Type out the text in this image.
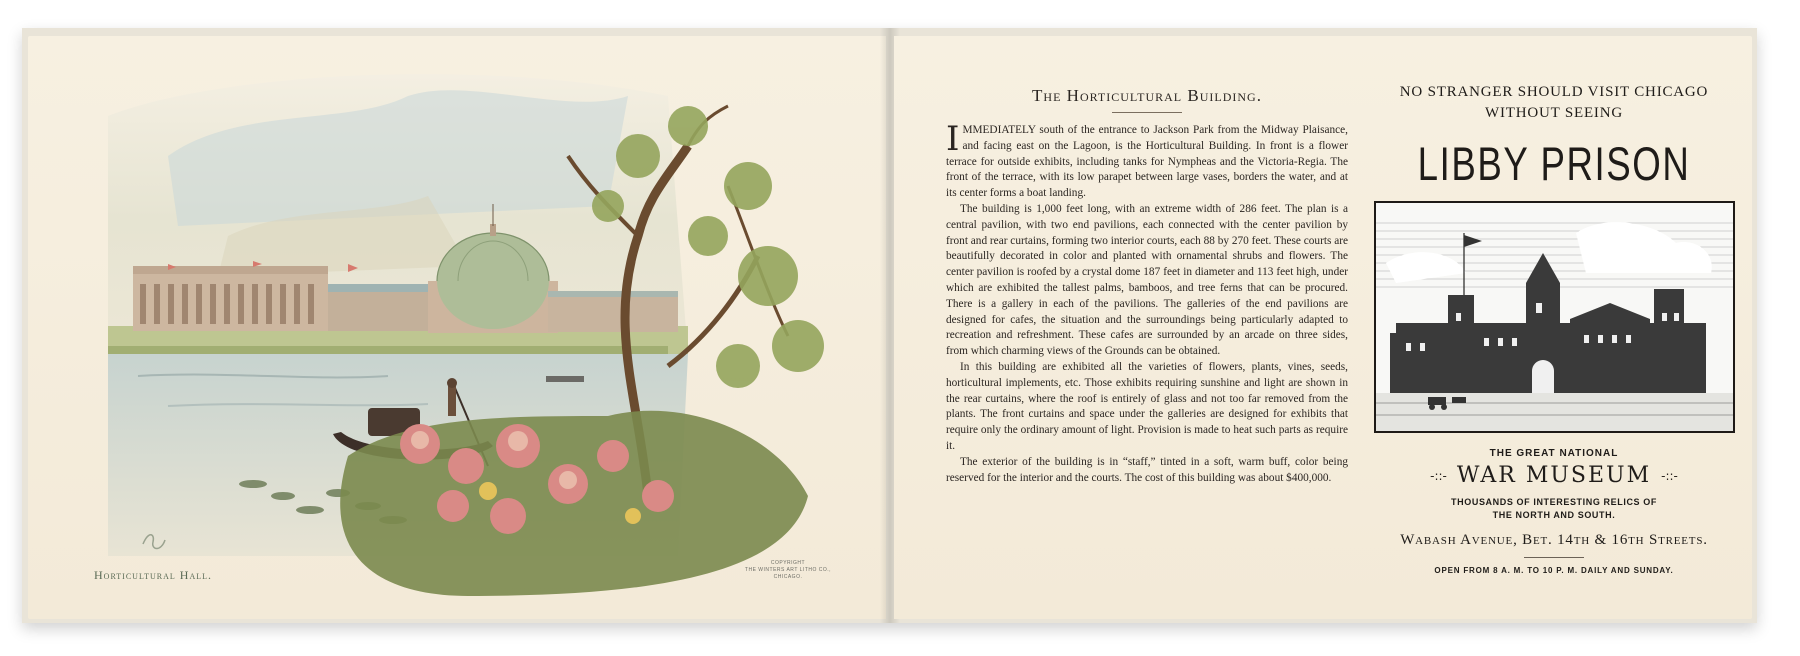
Horticultural Hall.
COPYRIGHT
THE WINTERS ART LITHO CO., CHICAGO.
The Horticultural Building.

IMMEDIATELY south of the entrance to Jackson Park from the Midway Plaisance, and facing east on the Lagoon, is the Horticultural Building. In front is a flower terrace for outside exhibits, including tanks for Nympheas and the Victoria-Regia. The front of the terrace, with its low parapet between large vases, borders the water, and at its center forms a boat landing.

The building is 1,000 feet long, with an extreme width of 286 feet. The plan is a central pavilion, with two end pavilions, each connected with the center pavilion by front and rear curtains, forming two interior courts, each 88 by 270 feet. These courts are beautifully decorated in color and planted with ornamental shrubs and flowers. The center pavilion is roofed by a crystal dome 187 feet in diameter and 113 feet high, under which are exhibited the tallest palms, bamboos, and tree ferns that can be procured. There is a gallery in each of the pavilions. The galleries of the end pavilions are designed for cafes, the situation and the surroundings being particularly adapted to recreation and refreshment. These cafes are surrounded by an arcade on three sides, from which charming views of the Grounds can be obtained.

In this building are exhibited all the varieties of flowers, plants, vines, seeds, horticultural implements, etc. Those exhibits requiring sunshine and light are shown in the rear curtains, where the roof is entirely of glass and not too far removed from the plants. The front curtains and space under the galleries are designed for exhibits that require only the ordinary amount of light. Provision is made to heat such parts as require it.

The exterior of the building is in “staff,” tinted in a soft, warm buff, color being reserved for the interior and the courts. The cost of this building was about $400,000.

NO STRANGER SHOULD VISIT CHICAGO
WITHOUT SEEING
LIBBY PRISON
THE GREAT NATIONAL
-::- WAR MUSEUM -::-
THOUSANDS OF INTERESTING RELICS OF
THE NORTH AND SOUTH.
Wabash Avenue, Bet. 14th & 16th Streets.
OPEN FROM 8 A. M. TO 10 P. M. DAILY AND SUNDAY.
